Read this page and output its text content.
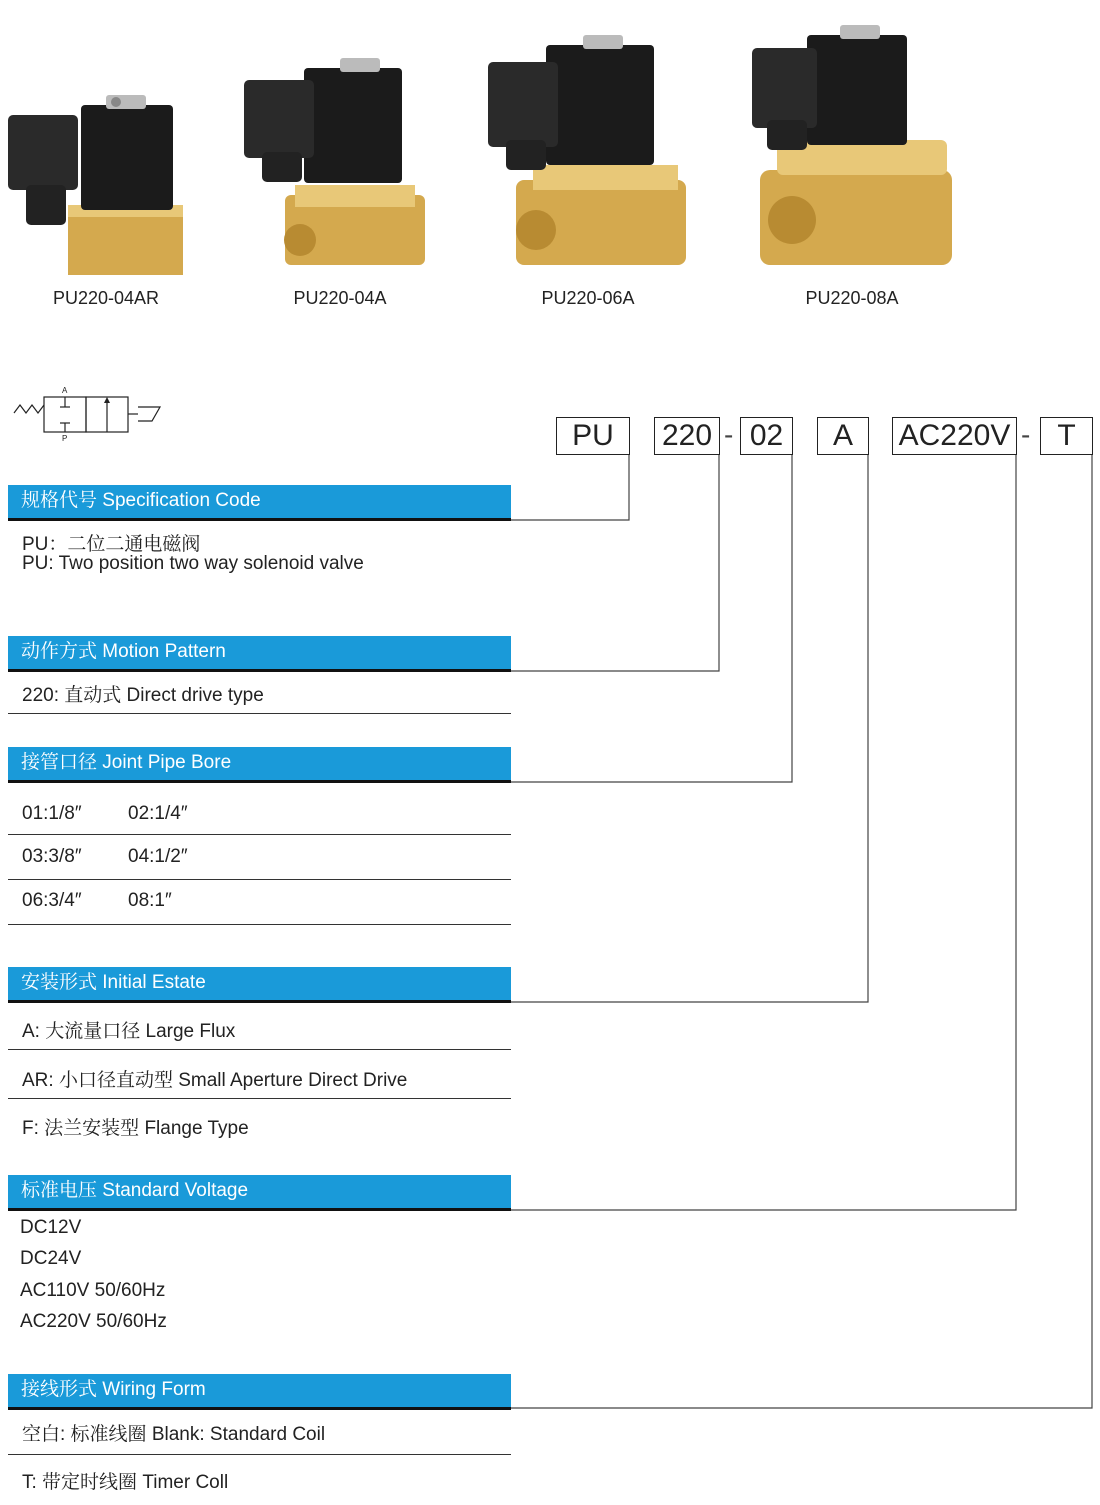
PU220-04AR	PU220-04A	PU220-06A	PU220-08A
A
P	PU	220 - 02	A	AC220V - T
规格代号 Specification Code
PU：二位二通电磁阀
PU: Two position two way solenoid valve
动作方式 Motion Pattern
220: 直动式 Direct drive type
接管口径 Joint Pipe Bore
01:1/8″ 02:1/4″
03:3/8″ 04:1/2″
06:3/4″ 08:1″
安装形式 Initial Estate
A: 大流量口径 Large Flux
AR: 小口径直动型 Small Aperture Direct Drive
F: 法兰安装型 Flange Type
标准电压 Standard Voltage
DC12V
DC24V
AC110V 50/60Hz
AC220V 50/60Hz
接线形式 Wiring Form
空白: 标准线圈 Blank: Standard Coil
T: 带定时线圈 Timer Coll
